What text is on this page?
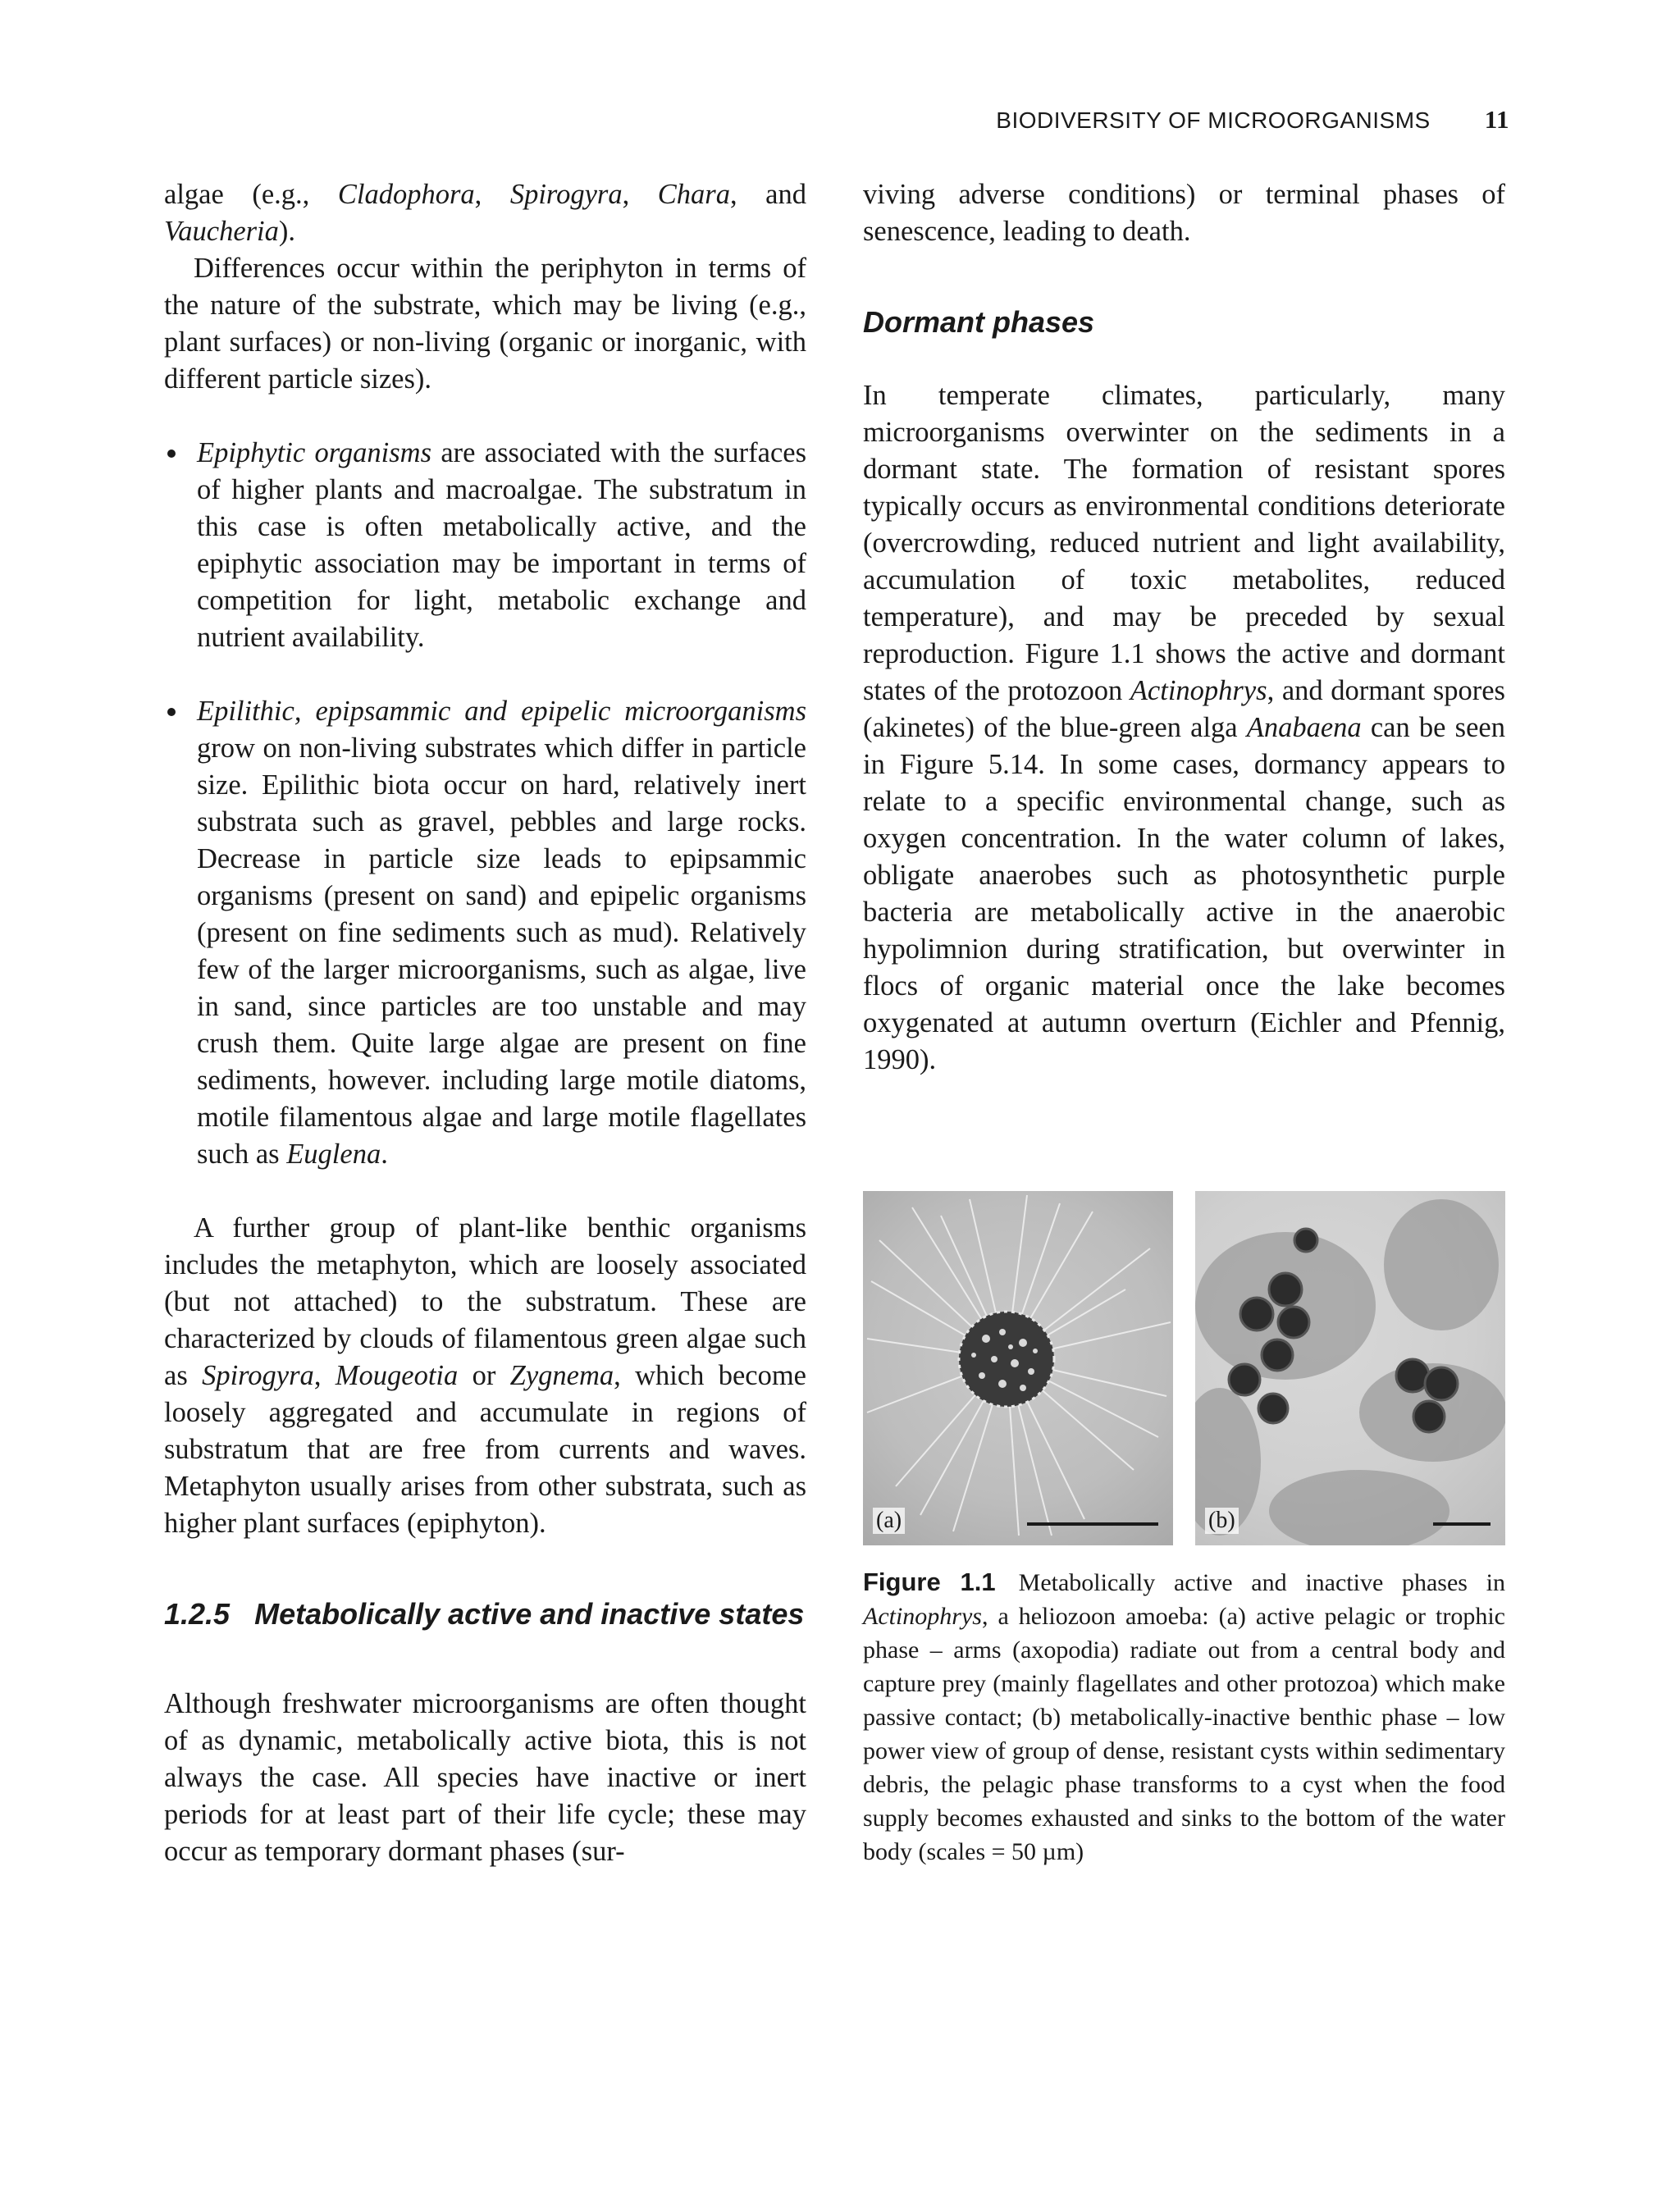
BIODIVERSITY OF MICROORGANISMS 11

algae (e.g., Cladophora, Spirogyra, Chara, and Vaucheria).

Differences occur within the periphyton in terms of the nature of the substrate, which may be living (e.g., plant surfaces) or non-living (organic or inorganic, with different particle sizes).

Epiphytic organisms are associated with the surfaces of higher plants and macroalgae. The substratum in this case is often metabolically active, and the epiphytic association may be important in terms of competition for light, metabolic exchange and nutrient availability.
Epilithic, epipsammic and epipelic microorganisms grow on non-living substrates which differ in particle size. Epilithic biota occur on hard, relatively inert substrata such as gravel, pebbles and large rocks. Decrease in particle size leads to epipsammic organisms (present on sand) and epipelic organisms (present on fine sediments such as mud). Relatively few of the larger microorganisms, such as algae, live in sand, since particles are too unstable and may crush them. Quite large algae are present on fine sediments, however. including large motile diatoms, motile filamentous algae and large motile flagellates such as Euglena.

A further group of plant-like benthic organisms includes the metaphyton, which are loosely associated (but not attached) to the substratum. These are characterized by clouds of filamentous green algae such as Spirogyra, Mougeotia or Zygnema, which become loosely aggregated and accumulate in regions of substratum that are free from currents and waves. Metaphyton usually arises from other substrata, such as higher plant surfaces (epiphyton).

1.2.5 Metabolically active and inactive states

Although freshwater microorganisms are often thought of as dynamic, metabolically active biota, this is not always the case. All species have inactive or inert periods for at least part of their life cycle; these may occur as temporary dormant phases (sur-

viving adverse conditions) or terminal phases of senescence, leading to death.

Dormant phases

In temperate climates, particularly, many microorganisms overwinter on the sediments in a dormant state. The formation of resistant spores typically occurs as environmental conditions deteriorate (overcrowding, reduced nutrient and light availability, accumulation of toxic metabolites, reduced temperature), and may be preceded by sexual reproduction. Figure 1.1 shows the active and dormant states of the protozoon Actinophrys, and dormant spores (akinetes) of the blue-green alga Anabaena can be seen in Figure 5.14. In some cases, dormancy appears to relate to a specific environmental change, such as oxygen concentration. In the water column of lakes, obligate anaerobes such as photosynthetic purple bacteria are metabolically active in the anaerobic hypolimnion during stratification, but overwinter in flocs of organic material once the lake becomes oxygenated at autumn overturn (Eichler and Pfennig, 1990).

(a)	(b)

Figure 1.1 Metabolically active and inactive phases in Actinophrys, a heliozoon amoeba: (a) active pelagic or trophic phase – arms (axopodia) radiate out from a central body and capture prey (mainly flagellates and other protozoa) which make passive contact; (b) metabolically-inactive benthic phase – low power view of group of dense, resistant cysts within sedimentary debris, the pelagic phase transforms to a cyst when the food supply becomes exhausted and sinks to the bottom of the water body (scales = 50 µm)
